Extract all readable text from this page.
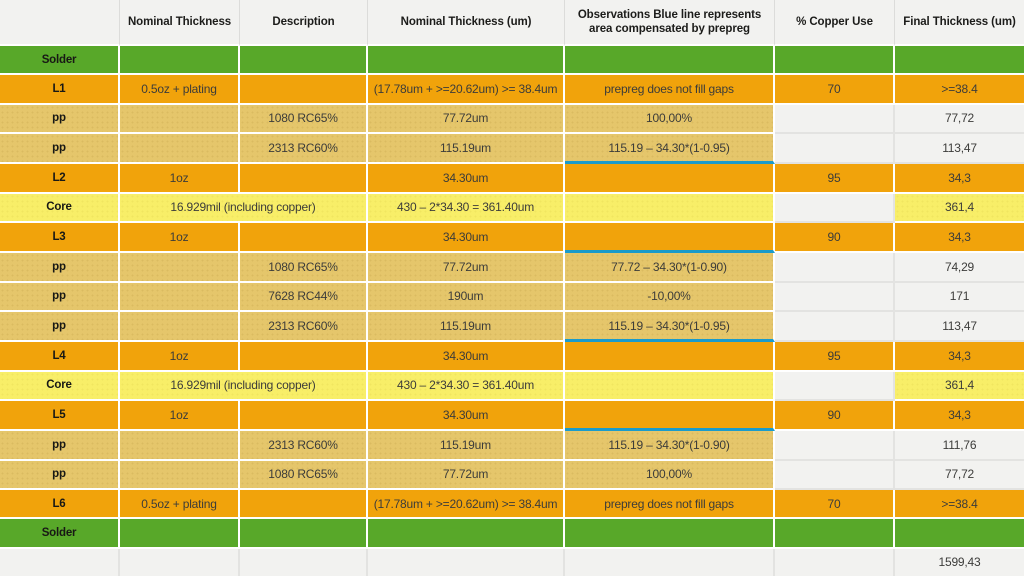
	Nominal Thickness	Description	Nominal Thickness (um)	Observations Blue line represents area compensated by prepreg	% Copper Use	Final Thickness (um)
Solder						
L1	0.5oz + plating		(17.78um + >=20.62um) >= 38.4um	prepreg does not fill gaps	70	>=38.4
pp		1080 RC65%	77.72um	100,00%		77,72
pp		2313 RC60%	115.19um	115.19 – 34.30*(1-0.95)		113,47
L2	1oz		34.30um		95	34,3
Core	16.929mil (including copper)		430 – 2*34.30 = 361.40um			361,4
L3	1oz		34.30um		90	34,3
pp		1080 RC65%	77.72um	77.72 – 34.30*(1-0.90)		74,29
pp		7628 RC44%	190um	-10,00%		171
pp		2313 RC60%	115.19um	115.19 – 34.30*(1-0.95)		113,47
L4	1oz		34.30um		95	34,3
Core	16.929mil (including copper)		430 – 2*34.30 = 361.40um			361,4
L5	1oz		34.30um		90	34,3
pp		2313 RC60%	115.19um	115.19 – 34.30*(1-0.90)		111,76
pp		1080 RC65%	77.72um	100,00%		77,72
L6	0.5oz + plating		(17.78um + >=20.62um) >= 38.4um	prepreg does not fill gaps	70	>=38.4
Solder						
						1599,43
